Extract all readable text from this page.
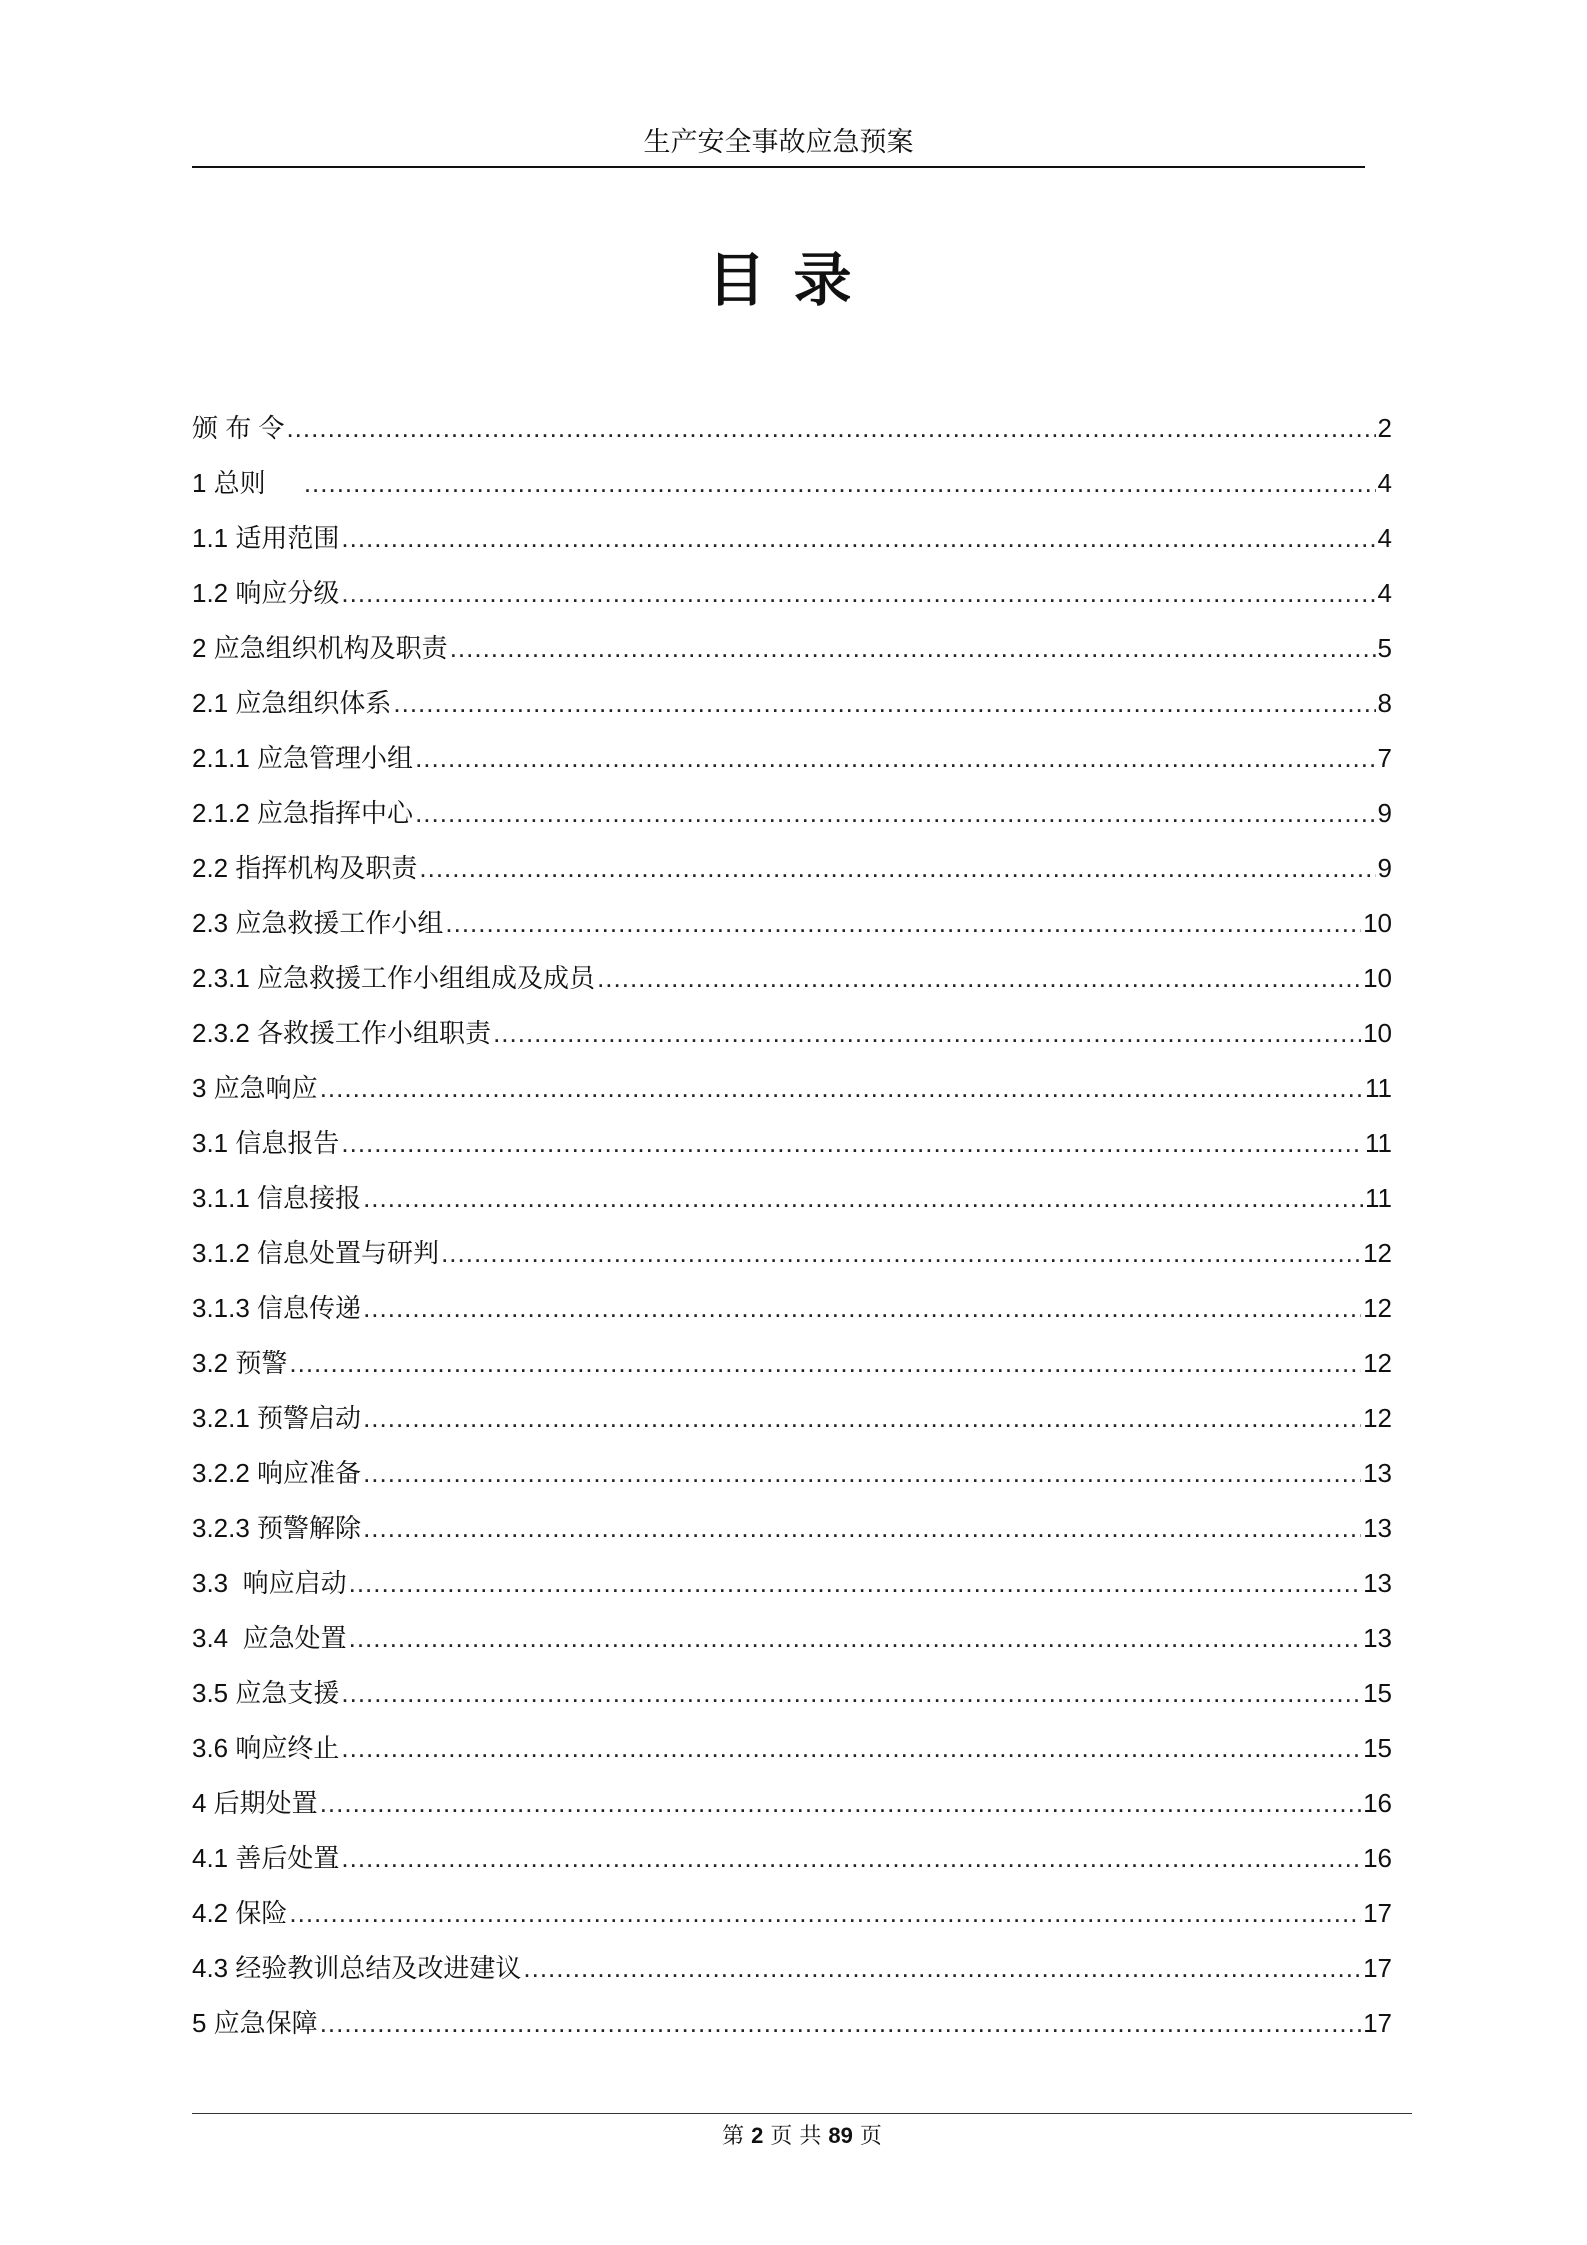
生产安全事故应急预案
目录
颁 布 令 .....	2
1 总则 .....	4
1.1 适用范围 .....	4
1.2 响应分级 .....	4
2 应急组织机构及职责 .....	5
2.1 应急组织体系 .....	8
2.1.1 应急管理小组 .....	7
2.1.2 应急指挥中心 .....	9
2.2 指挥机构及职责 .....	9
2.3 应急救援工作小组 .....	10
2.3.1 应急救援工作小组组成及成员 .....	10
2.3.2 各救援工作小组职责 .....	10
3 应急响应 .....	11
3.1 信息报告 .....	11
3.1.1 信息接报 .....	11
3.1.2 信息处置与研判 .....	12
3.1.3 信息传递 .....	12
3.2 预警 .....	12
3.2.1 预警启动 .....	12
3.2.2 响应准备 .....	13
3.2.3 预警解除 .....	13
3.3  响应启动 .....	13
3.4  应急处置 .....	13
3.5 应急支援 .....	15
3.6 响应终止 .....	15
4 后期处置 .....	16
4.1 善后处置 .....	16
4.2 保险 .....	17
4.3 经验教训总结及改进建议 .....	17
5 应急保障 .....	17
第 2 页 共 89 页
